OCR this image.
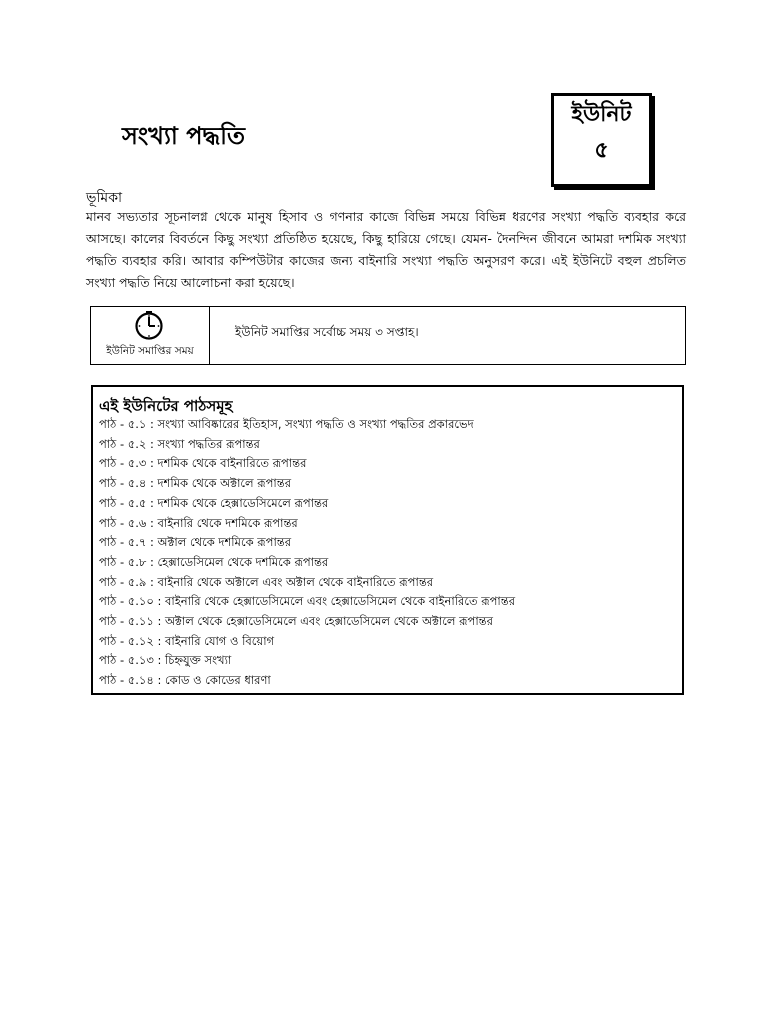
সংখ্যা পদ্ধতি
ইউনিট
৫
ভূমিকা
মানব সভ্যতার সূচনালগ্ন থেকে মানুষ হিসাব ও গণনার কাজে বিভিন্ন সময়ে বিভিন্ন ধরণের সংখ্যা পদ্ধতি ব্যবহার করে আসছে। কালের বিবর্তনে কিছু সংখ্যা প্রতিষ্ঠিত হয়েছে, কিছু হারিয়ে গেছে। যেমন- দৈনন্দিন জীবনে আমরা দশমিক সংখ্যা পদ্ধতি ব্যবহার করি। আবার কম্পিউটার কাজের জন্য বাইনারি সংখ্যা পদ্ধতি অনুসরণ করে। এই ইউনিটে বহুল প্রচলিত সংখ্যা পদ্ধতি নিয়ে আলোচনা করা হয়েছে।
ইউনিট সমাপ্তির সময়
ইউনিট সমাপ্তির সর্বোচ্চ সময় ৩ সপ্তাহ।
এই ইউনিটের পাঠসমূহ
পাঠ - ৫.১ : সংখ্যা আবিষ্কারের ইতিহাস, সংখ্যা পদ্ধতি ও সংখ্যা পদ্ধতির প্রকারভেদ
পাঠ - ৫.২ : সংখ্যা পদ্ধতির রূপান্তর
পাঠ - ৫.৩ : দশমিক থেকে বাইনারিতে রূপান্তর
পাঠ - ৫.৪ : দশমিক থেকে অক্টালে রূপান্তর
পাঠ - ৫.৫ : দশমিক থেকে হেক্সাডেসিমেলে রূপান্তর
পাঠ - ৫.৬ : বাইনারি থেকে দশমিকে রূপান্তর
পাঠ - ৫.৭ : অক্টাল থেকে দশমিকে রূপান্তর
পাঠ - ৫.৮ : হেক্সাডেসিমেল থেকে দশমিকে রূপান্তর
পাঠ - ৫.৯ : বাইনারি থেকে অক্টালে এবং অক্টাল থেকে বাইনারিতে রূপান্তর
পাঠ - ৫.১০ : বাইনারি থেকে হেক্সাডেসিমেলে এবং হেক্সাডেসিমেল থেকে বাইনারিতে রূপান্তর
পাঠ - ৫.১১ : অক্টাল থেকে হেক্সাডেসিমেলে এবং হেক্সাডেসিমেল থেকে অক্টালে রূপান্তর
পাঠ - ৫.১২ : বাইনারি যোগ ও বিয়োগ
পাঠ - ৫.১৩ : চিহ্নযুক্ত সংখ্যা
পাঠ - ৫.১৪ : কোড ও কোডের ধারণা
